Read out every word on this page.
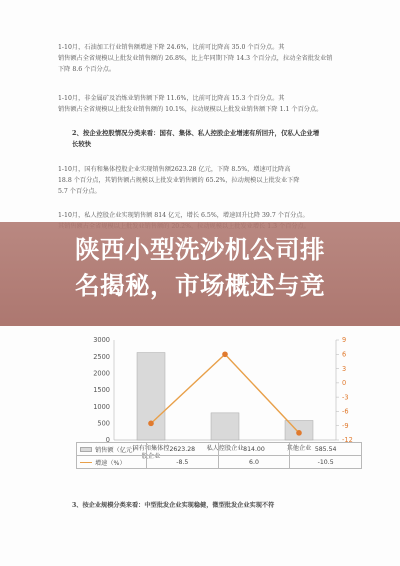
1-10月，石油加工行业销售额增速下降 24.6%，比前可比降高 35.0 个百分点。其
销售额占全省规模以上批发业销售额的 26.8%，比上年同期下降 14.3 个百分点，拉动全省批发业销
下降 8.6 个百分点。
1-10月，非金属矿及冶炼业销售额下降 11.6%，比前可比降高 15.3 个百分点。其
销售额占全省规模以上批发业销售额的 10.1%，拉动规模以上批发业销售额下降 1.1 个百分点。
2、按企业控股情况分类来看：国有、集体、私人控股企业增速有所回升，仅私人企业增
长较快
1-10月，国有和集体控股企业实现销售额2623.28 亿元，下降 8.5%，增速可比降高
18.8 个百分点，其销售额占规模以上批发业销售额的 65.2%，拉动规模以上批发业下降
5.7 个百分点。
1-10月，私人控股企业实现销售额 814 亿元，增长 6.5%，增速回升比降 39.7 个百分点。
0
500
1000
1500
2000
2500
3000
-12
-9
-6
-3
0
3
6
9
国有和集体控
股企业
私人控股企业	其他企业
销售额（亿元）	2623.28	814.00	585.54
增速（%）	-8.5	6.0	-10.5
3、按企业规模分类来看：中型批发企业实现稳健，微型批发企业实现不符
陕西小型洗沙机公司排
名揭秘，市场概述与竞
